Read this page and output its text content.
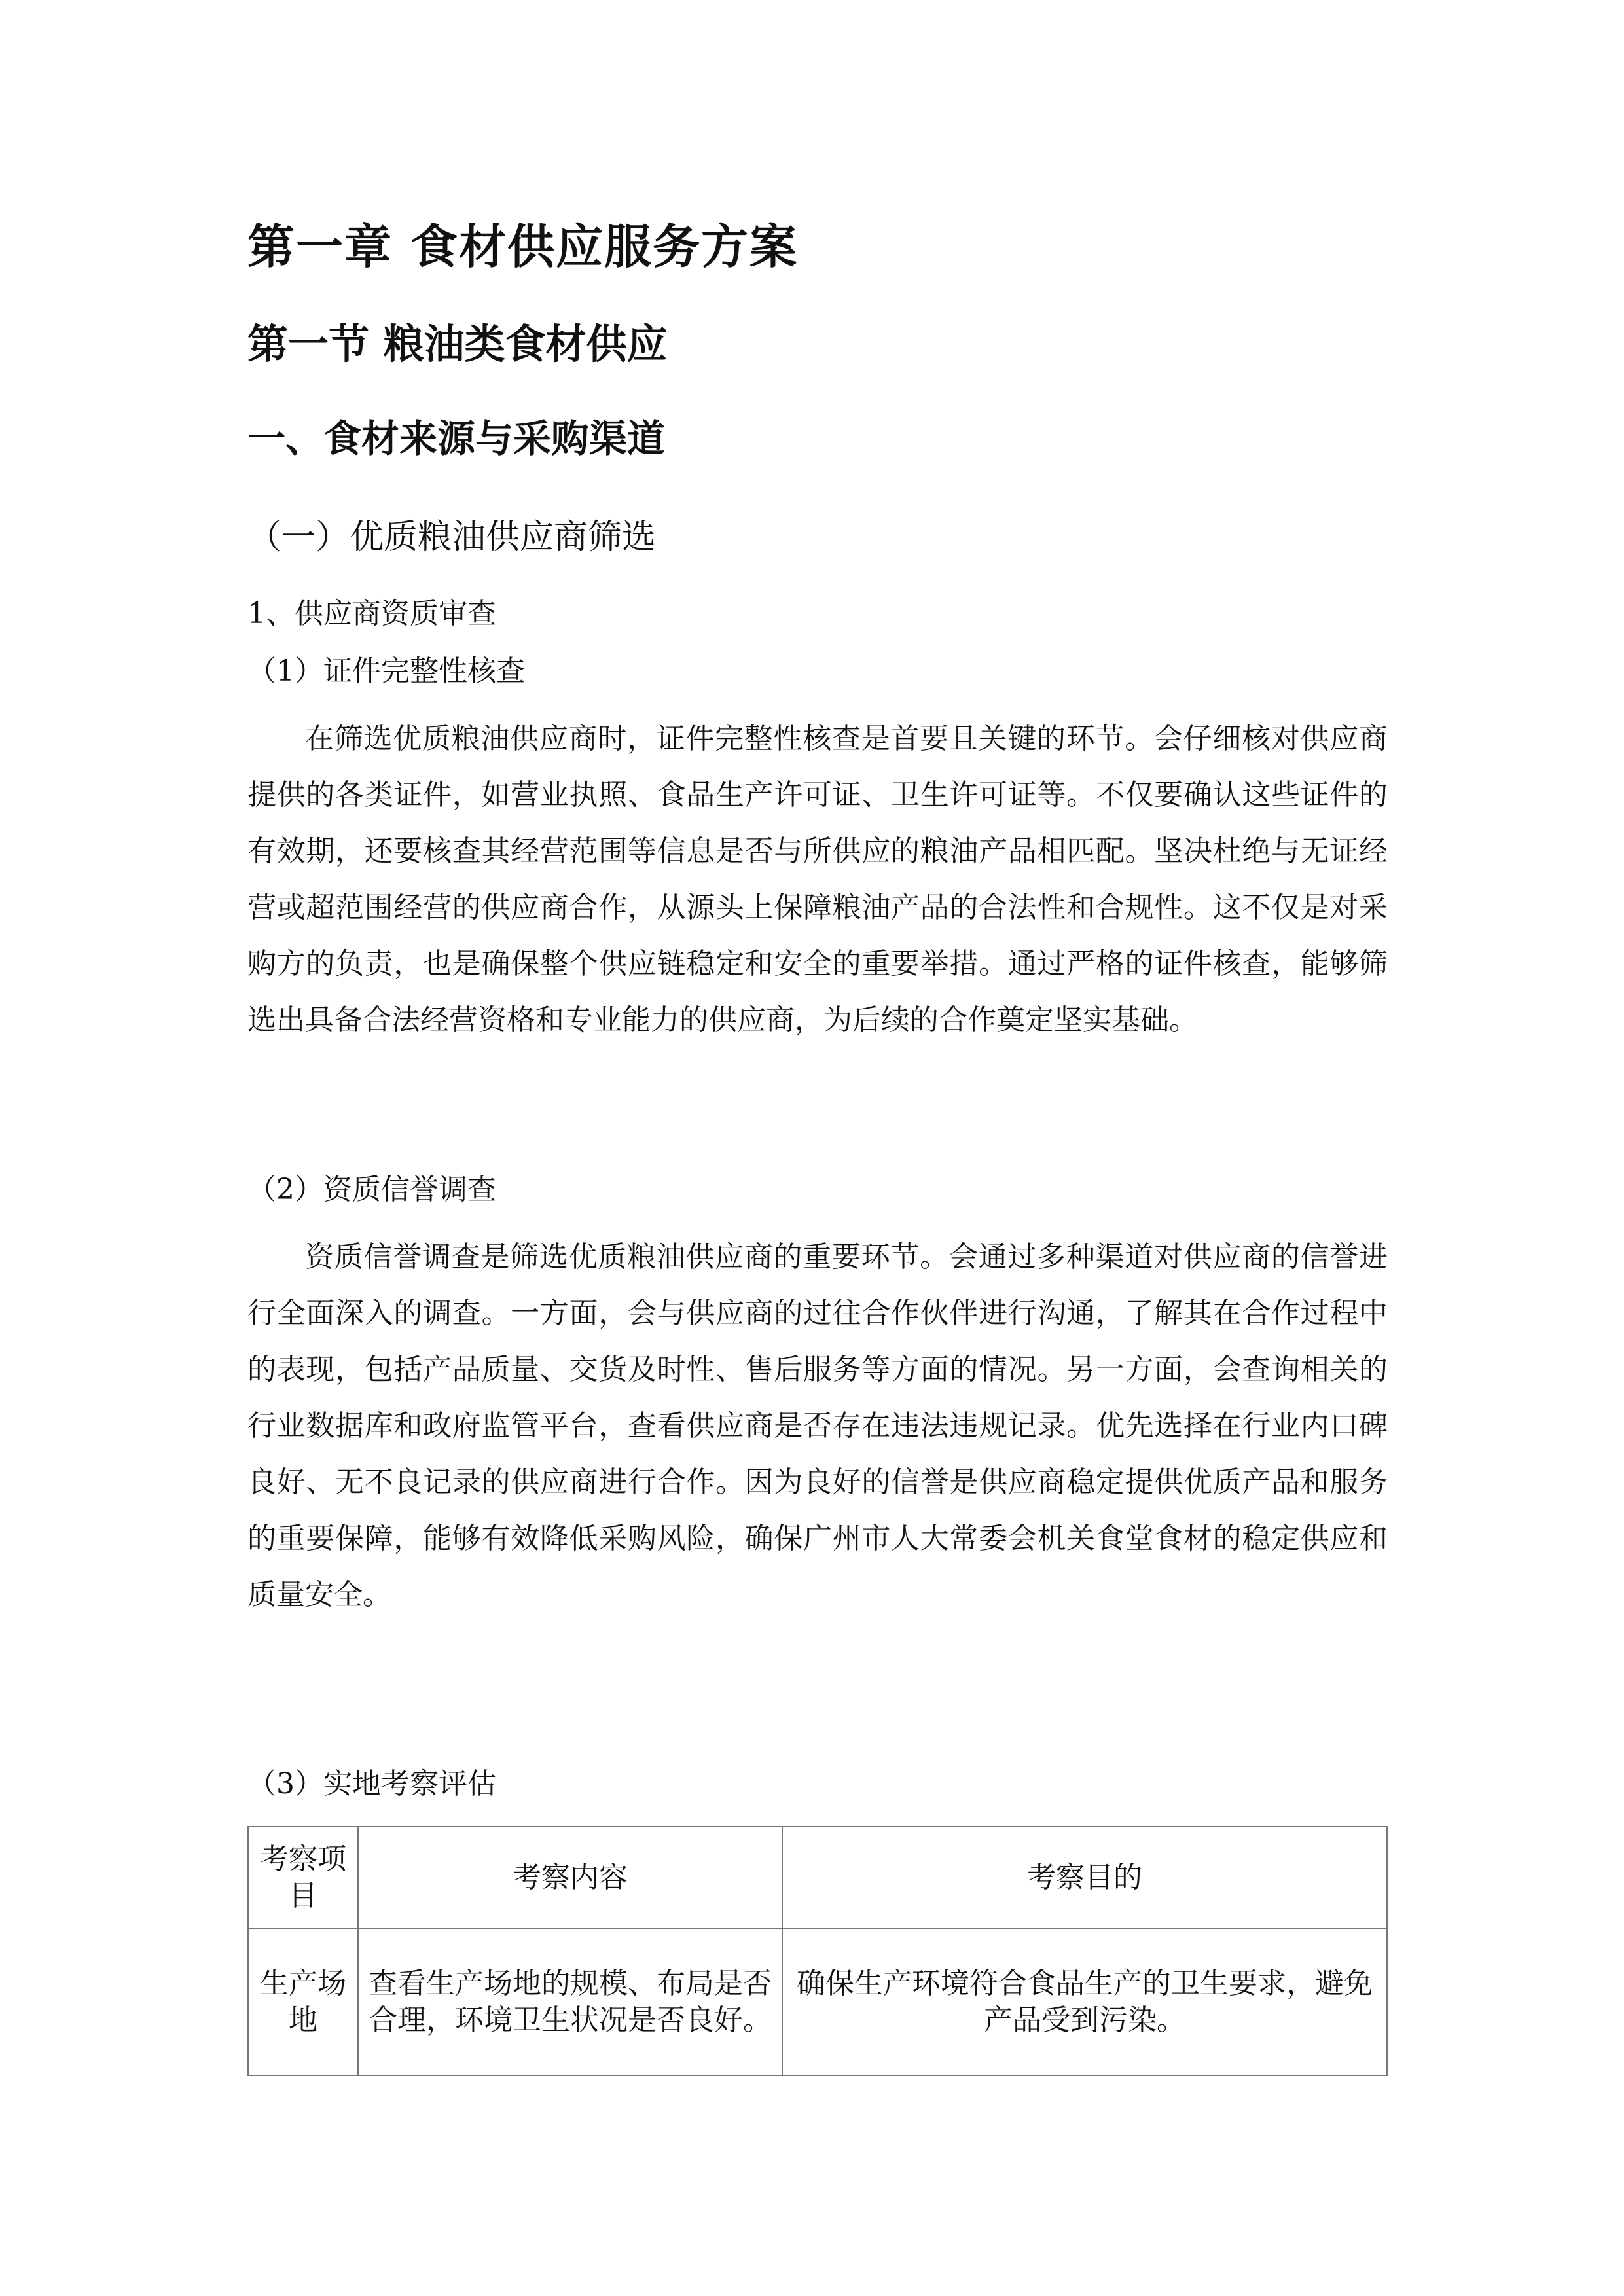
第一章 食材供应服务方案
第一节 粮油类食材供应
一、食材来源与采购渠道
（一）优质粮油供应商筛选
1、供应商资质审查
（1）证件完整性核查

在筛选优质粮油供应商时，证件完整性核查是首要且关键的环节。会仔细核对供应商提供的各类证件，如营业执照、食品生产许可证、卫生许可证等。不仅要确认这些证件的有效期，还要核查其经营范围等信息是否与所供应的粮油产品相匹配。坚决杜绝与无证经营或超范围经营的供应商合作，从源头上保障粮油产品的合法性和合规性。这不仅是对采购方的负责，也是确保整个供应链稳定和安全的重要举措。通过严格的证件核查，能够筛选出具备合法经营资格和专业能力的供应商，为后续的合作奠定坚实基础。

（2）资质信誉调查

资质信誉调查是筛选优质粮油供应商的重要环节。会通过多种渠道对供应商的信誉进行全面深入的调查。一方面，会与供应商的过往合作伙伴进行沟通，了解其在合作过程中的表现，包括产品质量、交货及时性、售后服务等方面的情况。另一方面，会查询相关的行业数据库和政府监管平台，查看供应商是否存在违法违规记录。优先选择在行业内口碑良好、无不良记录的供应商进行合作。因为良好的信誉是供应商稳定提供优质产品和服务的重要保障，能够有效降低采购风险，确保广州市人大常委会机关食堂食材的稳定供应和质量安全。

（3）实地考察评估
考察项目	考察内容	考察目的
生产场地	查看生产场地的规模、布局是否合理，环境卫生状况是否良好。	确保生产环境符合食品生产的卫生要求，避免产品受到污染。
